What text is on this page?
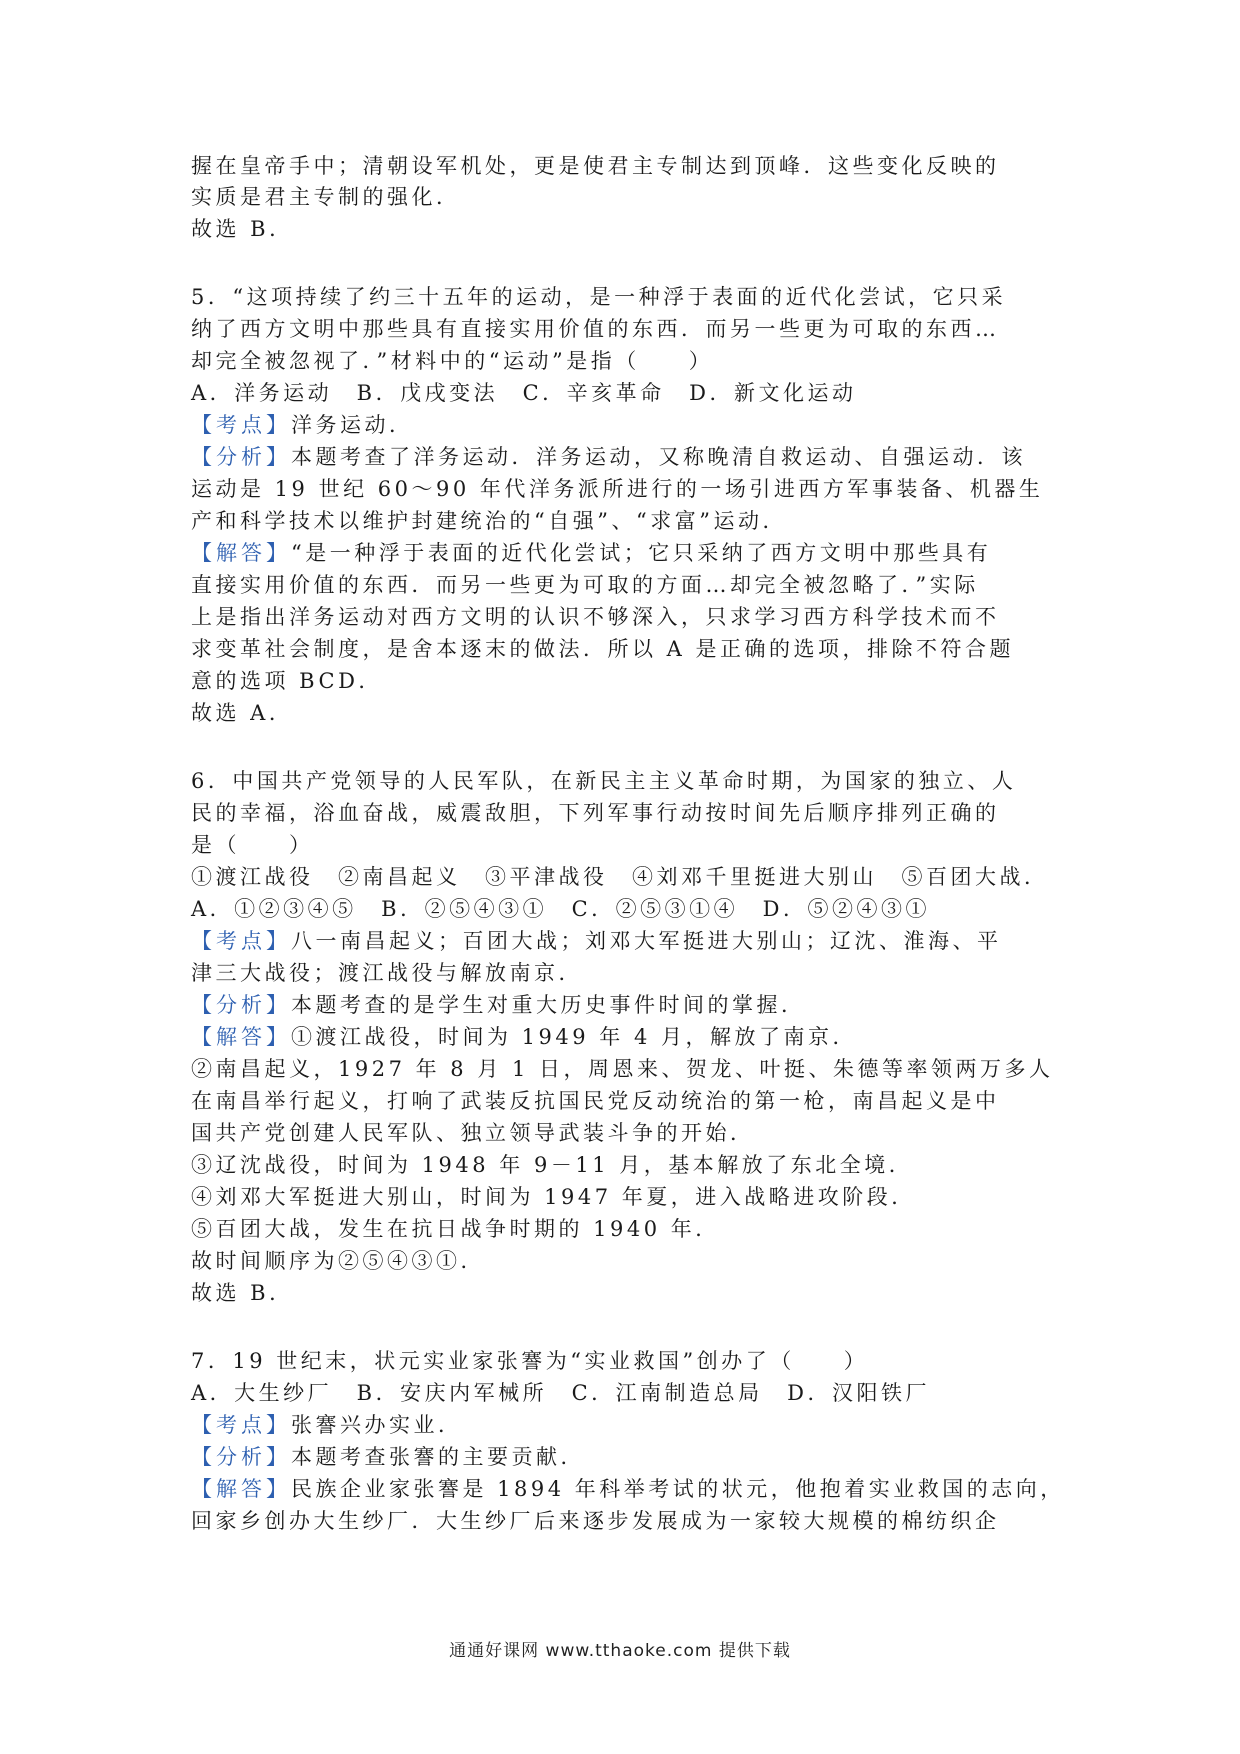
握在皇帝手中；清朝设军机处，更是使君主专制达到顶峰．这些变化反映的
实质是君主专制的强化．
故选 B．
5．“这项持续了约三十五年的运动，是一种浮于表面的近代化尝试，它只采
纳了西方文明中那些具有直接实用价值的东西．而另一些更为可取的东西…
却完全被忽视了．”材料中的“运动”是指（　　）
A．洋务运动　B．戊戌变法　C．辛亥革命　D．新文化运动
【考点】洋务运动．
【分析】本题考查了洋务运动．洋务运动，又称晚清自救运动、自强运动．该
运动是 19 世纪 60～90 年代洋务派所进行的一场引进西方军事装备、机器生
产和科学技术以维护封建统治的“自强”、“求富”运动．
【解答】“是一种浮于表面的近代化尝试；它只采纳了西方文明中那些具有
直接实用价值的东西．而另一些更为可取的方面…却完全被忽略了．”实际
上是指出洋务运动对西方文明的认识不够深入，只求学习西方科学技术而不
求变革社会制度，是舍本逐末的做法．所以 A 是正确的选项，排除不符合题
意的选项 BCD．
故选 A．
6．中国共产党领导的人民军队，在新民主主义革命时期，为国家的独立、人
民的幸福，浴血奋战，威震敌胆，下列军事行动按时间先后顺序排列正确的
是（　　）
①渡江战役　②南昌起义　③平津战役　④刘邓千里挺进大别山　⑤百团大战．
A．①②③④⑤　B．②⑤④③①　C．②⑤③①④　D．⑤②④③①
【考点】八一南昌起义；百团大战；刘邓大军挺进大别山；辽沈、淮海、平
津三大战役；渡江战役与解放南京．
【分析】本题考查的是学生对重大历史事件时间的掌握．
【解答】①渡江战役，时间为 1949 年 4 月，解放了南京．
②南昌起义，1927 年 8 月 1 日，周恩来、贺龙、叶挺、朱德等率领两万多人
在南昌举行起义，打响了武装反抗国民党反动统治的第一枪，南昌起义是中
国共产党创建人民军队、独立领导武装斗争的开始．
③辽沈战役，时间为 1948 年 9－11 月，基本解放了东北全境．
④刘邓大军挺进大别山，时间为 1947 年夏，进入战略进攻阶段．
⑤百团大战，发生在抗日战争时期的 1940 年．
故时间顺序为②⑤④③①．
故选 B．
7．19 世纪末，状元实业家张謇为“实业救国”创办了（　　）
A．大生纱厂　B．安庆内军械所　C．江南制造总局　D．汉阳铁厂
【考点】张謇兴办实业．
【分析】本题考查张謇的主要贡献．
【解答】民族企业家张謇是 1894 年科举考试的状元，他抱着实业救国的志向，
回家乡创办大生纱厂．大生纱厂后来逐步发展成为一家较大规模的棉纺织企
通通好课网 www.tthaoke.com 提供下载
